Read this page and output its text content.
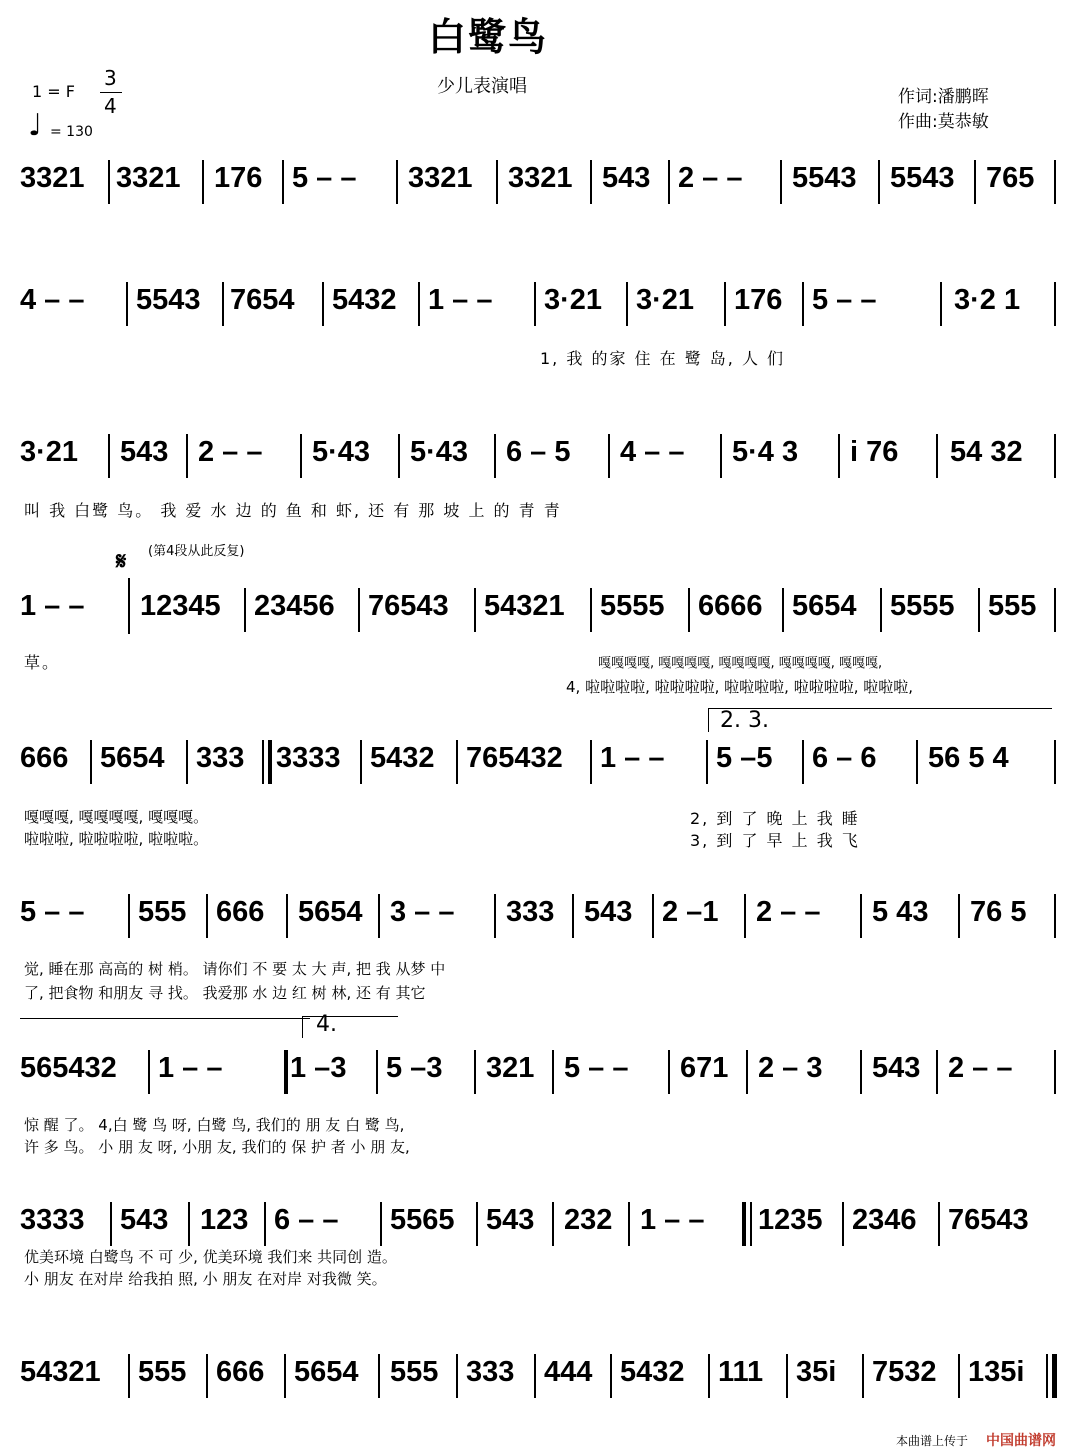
白鹭鸟
少儿表演唱
1 = F
3
4
♩ = 130
作词:潘鹏晖
作曲:莫恭敏
3321 3321 176 5 – – 3321 3321 543 2 – – 5543 5543 765
4 – – 5543 7654 5432 1 – – 3·21 3·21 176 5 – –	3·2 1
1, 我 的家 住 在 鹭 岛, 人 们
3·21 543 2 – – 5·43 5·43 6 – 5 4 – – 5·4 3 i 76 54 32
叫 我 白鹭 鸟。 我 爱 水 边 的 鱼 和 虾, 还 有 那 坡 上 的 青 青
𝄋 (第4段从此反复)
1 – – 12345 23456 76543 54321 5555 6666 5654 5555 555
草。	嘎嘎嘎嘎, 嘎嘎嘎嘎, 嘎嘎嘎嘎, 嘎嘎嘎嘎, 嘎嘎嘎,
4, 啦啦啦啦, 啦啦啦啦, 啦啦啦啦, 啦啦啦啦, 啦啦啦,
2. 3.
666 5654 333 3333 5432 765432 1 – – 5 –5 6 – 6 56 5 4
嘎嘎嘎, 嘎嘎嘎嘎, 嘎嘎嘎。	2, 到 了 晚 上 我 睡
啦啦啦, 啦啦啦啦, 啦啦啦。	3, 到 了 早 上 我 飞
5 – – 555 666 5654 3 – – 333 543 2 –1 2 – – 5 43 76 5
觉, 睡在那 高高的 树 梢。 请你们 不 要 太 大 声, 把 我 从梦 中
了, 把食物 和朋友 寻 找。 我爱那 水 边 红 树 林, 还 有 其它
4.
565432 1 – – 1 –3 5 –3 321 5 – – 671 2 – 3 543 2 – –
惊 醒 了。 4,白 鹭 鸟 呀, 白鹭 鸟, 我们的 朋 友 白 鹭 鸟,
许 多 鸟。 小 朋 友 呀, 小朋 友, 我们的 保 护 者 小 朋 友,
3333 543 123 6 – – 5565 543 232 1 – – 1235 2346 76543
优美环境 白鹭鸟 不 可 少, 优美环境 我们来 共同创 造。
小 朋友 在对岸 给我拍 照, 小 朋友 在对岸 对我微 笑。
54321 555 666 5654 555 333 444 5432 111 35i 7532 135i
本曲谱上传于 中国曲谱网
